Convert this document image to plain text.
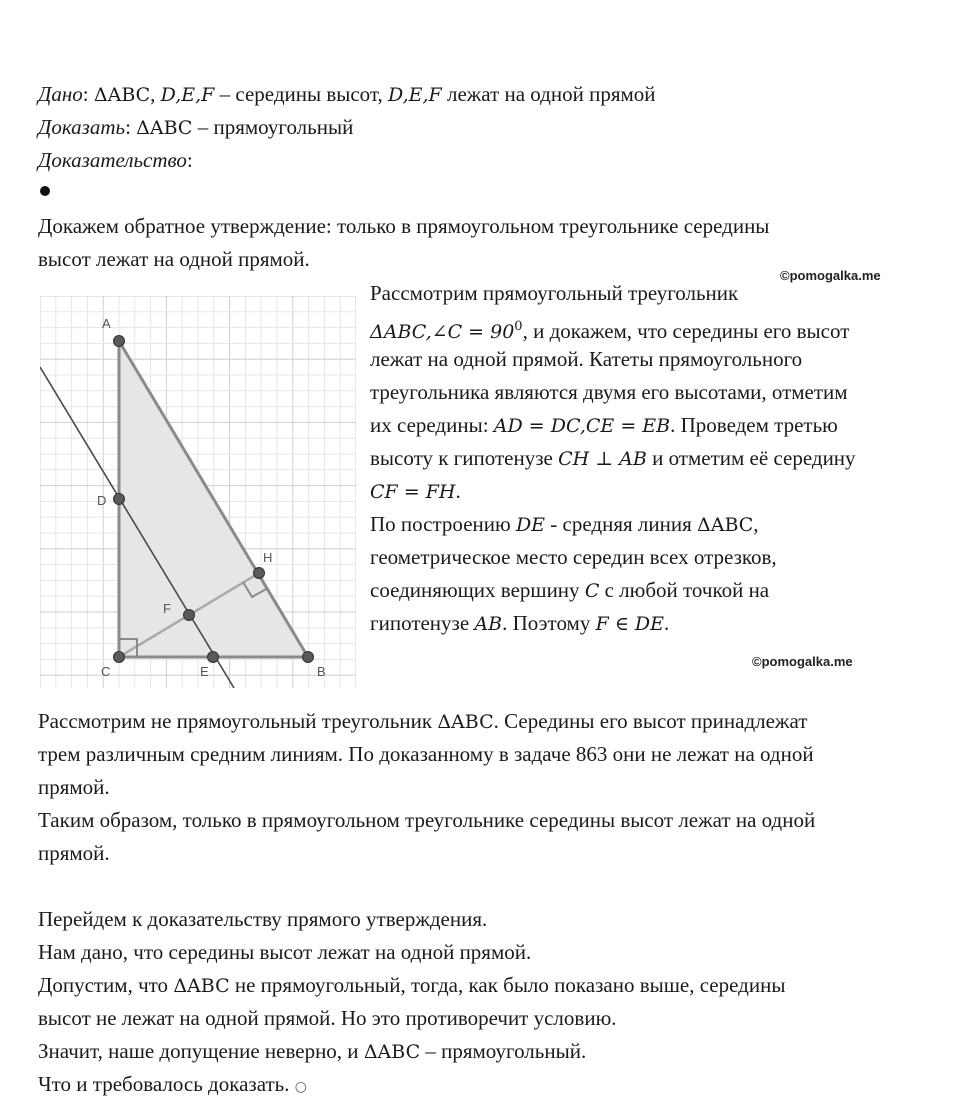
Дано: ΔABC, D,E,F – середины высот, D,E,F лежат на одной прямой
Доказать: ΔABC – прямоугольный
Доказательство:
Докажем обратное утверждение: только в прямоугольном треугольнике середины
высот лежат на одной прямой.
©pomogalka.me
©pomogalka.me
Рассмотрим прямоугольный треугольник
ΔABC,∠C = $90^0$, и докажем, что середины его высот
лежат на одной прямой. Катеты прямоугольного
треугольника являются двумя его высотами, отметим
их середины: AD = DC,CE = EB. Проведем третью
высоту к гипотенузе CH ⊥ AB и отметим её середину
CF = FH.
По построению DE - средняя линия ΔABC,
геометрическое место середин всех отрезков,
соединяющих вершину C с любой точкой на
гипотенузе AB. Поэтому F ∈ DE.
A
D
C	E	B
F
H
Рассмотрим не прямоугольный треугольник ΔABC. Середины его высот принадлежат
трем различным средним линиям. По доказанному в задаче 863 они не лежат на одной
прямой.
Таким образом, только в прямоугольном треугольнике середины высот лежат на одной
прямой.
Перейдем к доказательству прямого утверждения.
Нам дано, что середины высот лежат на одной прямой.
Допустим, что ΔABC не прямоугольный, тогда, как было показано выше, середины
высот не лежат на одной прямой. Но это противоречит условию.
Значит, наше допущение неверно, и ΔABC – прямоугольный.
Что и требовалось доказать. ○
